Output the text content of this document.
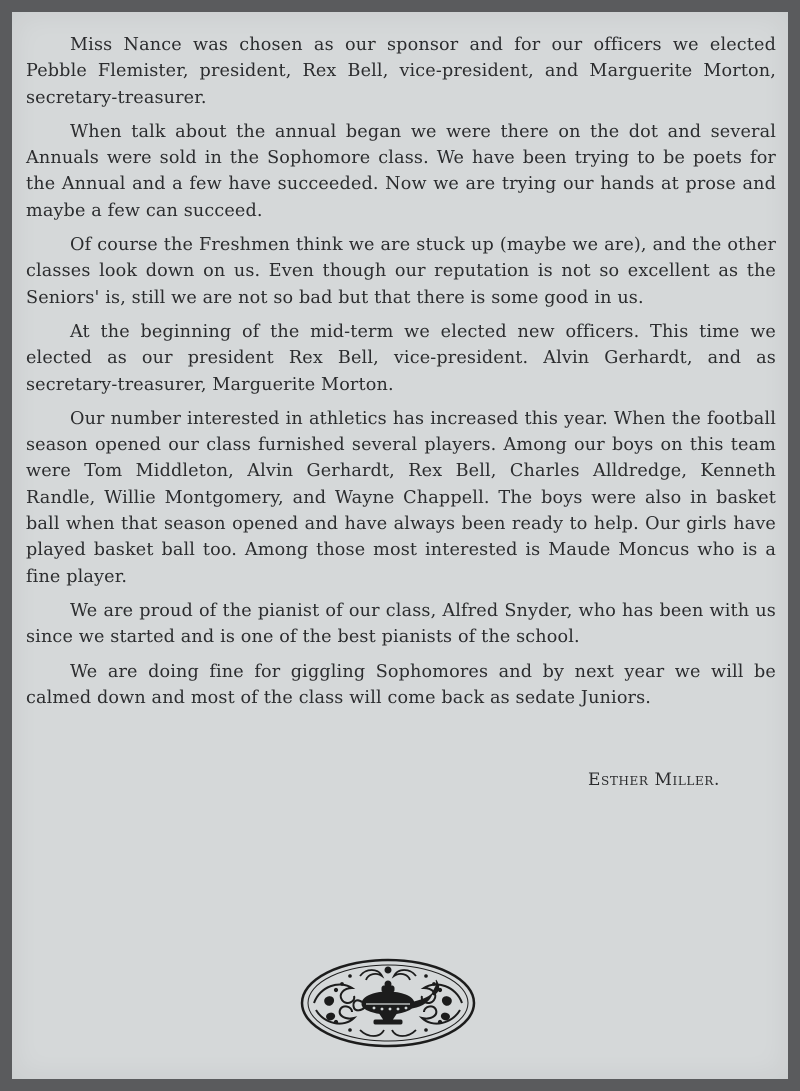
Miss Nance was chosen as our sponsor and for our officers we elected Pebble Flemister, president, Rex Bell, vice-president, and Marguerite Morton, secretary-treasurer.

When talk about the annual began we were there on the dot and several Annuals were sold in the Sophomore class. We have been trying to be poets for the Annual and a few have succeeded. Now we are trying our hands at prose and maybe a few can succeed.

Of course the Freshmen think we are stuck up (maybe we are), and the other classes look down on us. Even though our reputation is not so excellent as the Seniors' is, still we are not so bad but that there is some good in us.

At the beginning of the mid-term we elected new officers. This time we elected as our president Rex Bell, vice-president. Alvin Gerhardt, and as secretary-treasurer, Marguerite Morton.

Our number interested in athletics has increased this year. When the football season opened our class furnished several players. Among our boys on this team were Tom Middleton, Alvin Gerhardt, Rex Bell, Charles Alldredge, Kenneth Randle, Willie Montgomery, and Wayne Chappell. The boys were also in basket ball when that season opened and have always been ready to help. Our girls have played basket ball too. Among those most interested is Maude Moncus who is a fine player.

We are proud of the pianist of our class, Alfred Snyder, who has been with us since we started and is one of the best pianists of the school.

We are doing fine for giggling Sophomores and by next year we will be calmed down and most of the class will come back as sedate Juniors.

Esther Miller.
